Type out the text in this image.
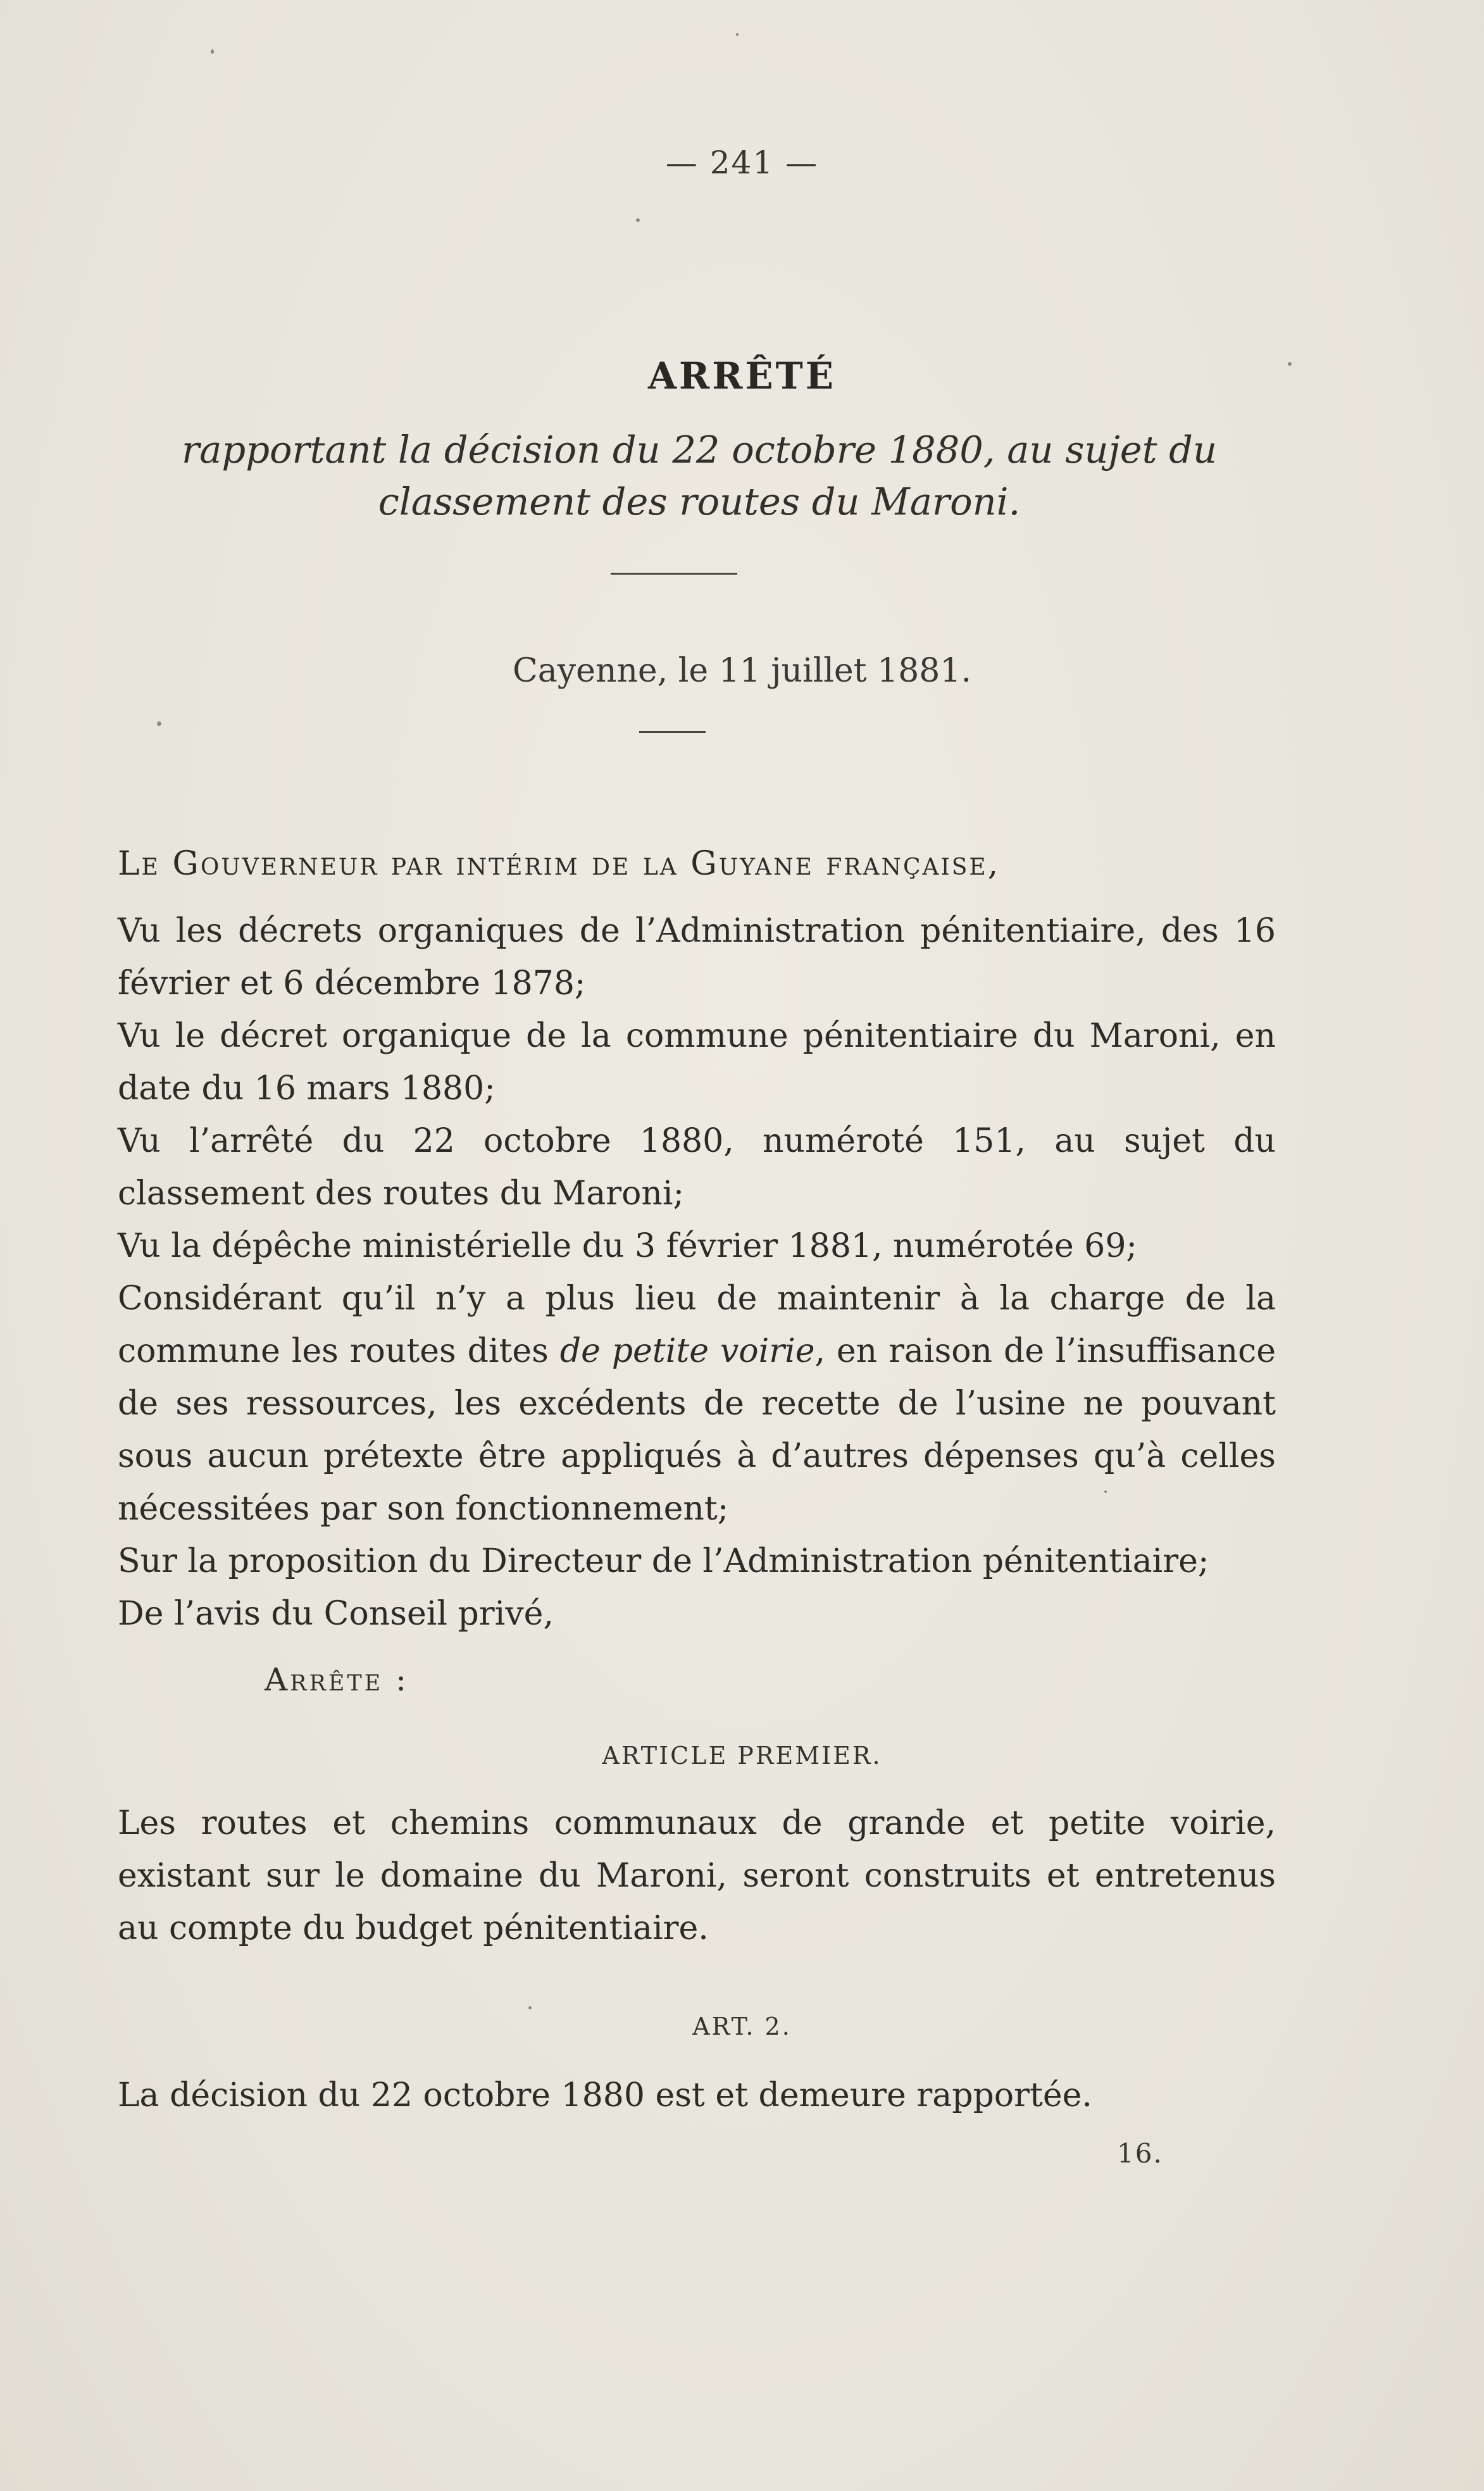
— 241 —
ARRÊTÉ
rapportant la décision du 22 octobre 1880, au sujet du classement des routes du Maroni.
Cayenne, le 11 juillet 1881.
Le Gouverneur par intérim de la Guyane française,

Vu les décrets organiques de l’Administration pénitentiaire, des 16 février et 6 décembre 1878;

Vu le décret organique de la commune pénitentiaire du Maroni, en date du 16 mars 1880;

Vu l’arrêté du 22 octobre 1880, numéroté 151, au sujet du classement des routes du Maroni;

Vu la dépêche ministérielle du 3 février 1881, numérotée 69;

Considérant qu’il n’y a plus lieu de maintenir à la charge de la commune les routes dites de petite voirie, en raison de l’insuffisance de ses ressources, les excédents de recette de l’usine ne pouvant sous aucun prétexte être appliqués à d’autres dépenses qu’à celles nécessitées par son fonctionnement;

Sur la proposition du Directeur de l’Administration pénitentiaire;

De l’avis du Conseil privé,

Arrête :
ARTICLE PREMIER.

Les routes et chemins communaux de grande et petite voirie, existant sur le domaine du Maroni, seront construits et entretenus au compte du budget pénitentiaire.

ART. 2.

La décision du 22 octobre 1880 est et demeure rapportée.

16.
